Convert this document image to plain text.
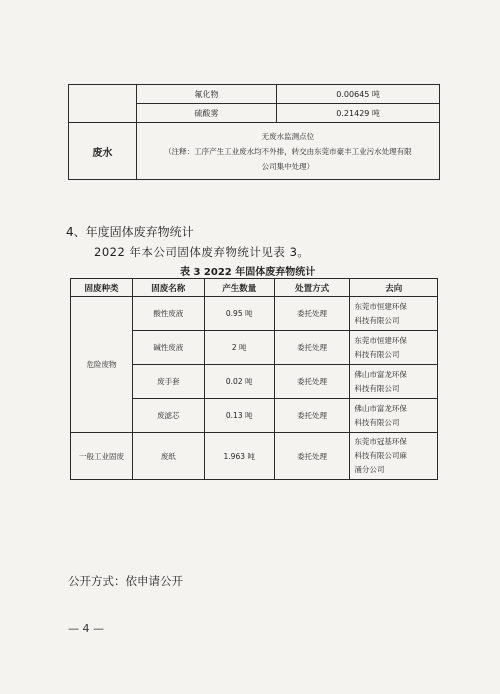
	氟化物	0.00645 吨
	硫酸雾	0.21429 吨
废水	无废水监测点位
（注释：工序产生工业废水均不外排，转交由东莞市豪丰工业污水处理有限
公司集中处理）	
4、年度固体废弃物统计
2022 年本公司固体废弃物统计见表 3。
表 3 2022 年固体废弃物统计
固废种类	固废名称	产生数量	处置方式	去向
危险废物	酸性废液	0.95 吨	委托处理	东莞市恒建环保
科技有限公司

	碱性废液	2 吨	委托处理	东莞市恒建环保
科技有限公司

	废手套	0.02 吨	委托处理	佛山市富龙环保
科技有限公司

	废滤芯	0.13 吨	委托处理	佛山市富龙环保
科技有限公司

一般工业固废	废纸	1.963 吨	委托处理	东莞市冠基环保
科技有限公司麻
涌分公司
公开方式：依申请公开
— 4 —
